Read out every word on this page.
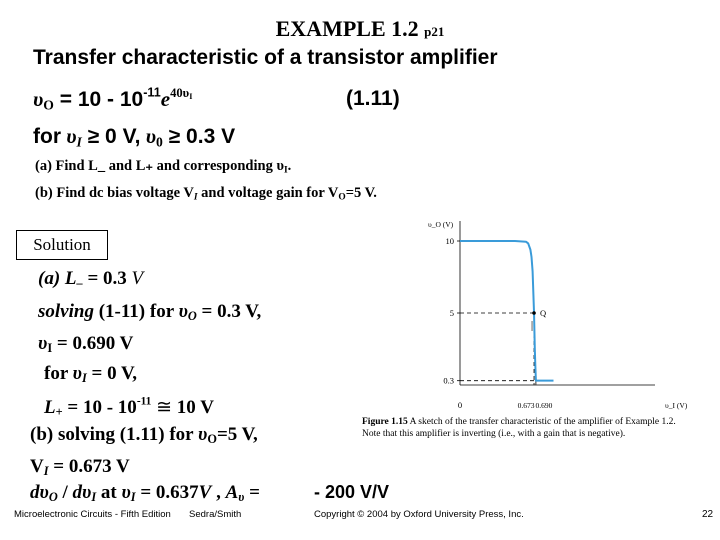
EXAMPLE 1.2 p21
Transfer characteristic of a transistor amplifier
$\upsilon_O = 10 - 10^{-11}e^{40\upsilon_I}$	(1.11)
for $\upsilon_I \ge 0$ V, $\upsilon_0 \ge 0.3$ V
(a) Find L_ and L₊ and corresponding $\upsilon_I$.
(b) Find dc bias voltage $V_I$ and voltage gain for $V_O=5$ V.
Solution
(a) $L_- = 0.3$ V
solving (1-11) for $\upsilon_O = 0.3$ V,
$\upsilon_I = 0.690$ V
for $\upsilon_I = 0$ V,
$L_+ = 10 - 10^{-11}$ ≅ 10 V
(b) solving (1.11) for $\upsilon_O=5$ V,
$V_I = 0.673$ V
$d\upsilon_O / d\upsilon_I$ at $\upsilon_I = 0.637V$ , $A_\upsilon$ =	- 200 V/V
υ_O (V)
υ_I (V)
10
5
0.3
0	0.673 0.690
Q
Figure 1.15 A sketch of the transfer characteristic of the amplifier of Example 1.2. Note that this amplifier is inverting (i.e., with a gain that is negative).
Microelectronic Circuits - Fifth Edition Sedra/Smith	Copyright © 2004 by Oxford University Press, Inc.	22
